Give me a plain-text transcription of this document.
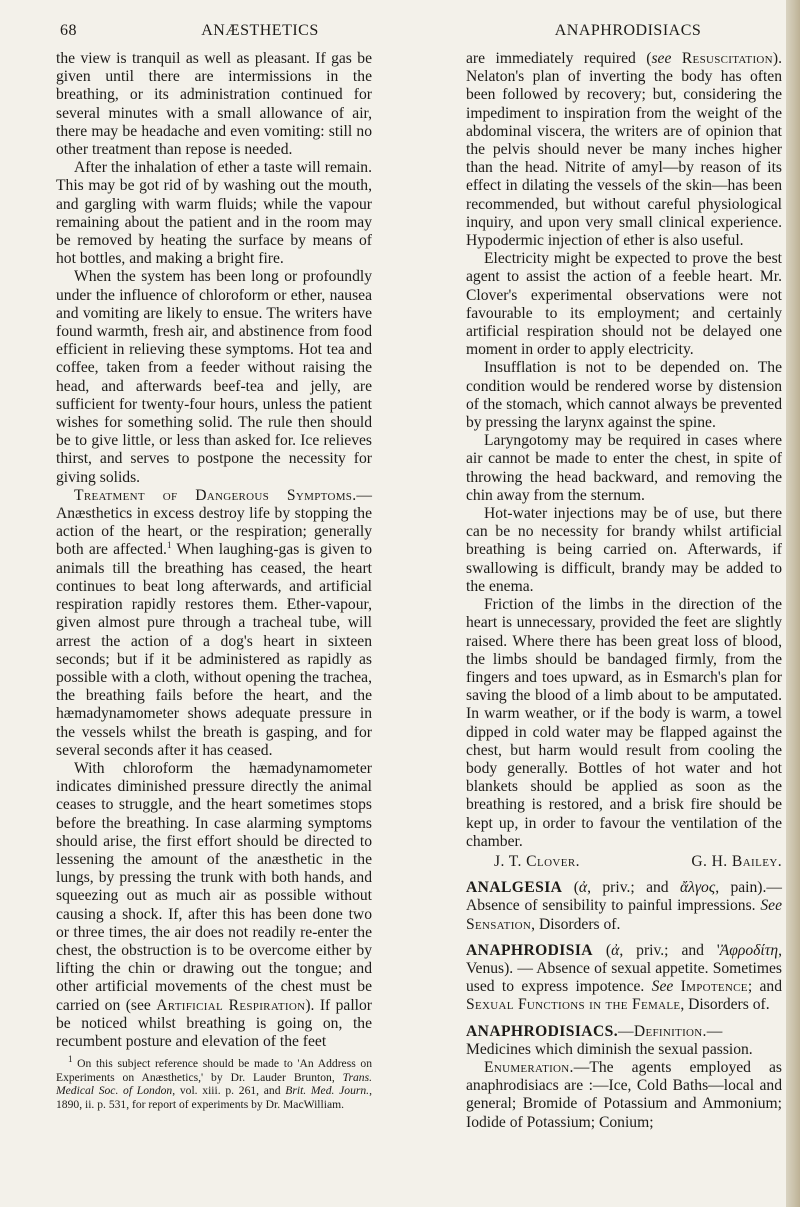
68	ANÆSTHETICS	ANAPHRODISIACS

the view is tranquil as well as pleasant. If gas be given until there are intermissions in the breathing, or its administration continued for several minutes with a small allowance of air, there may be headache and even vomiting: still no other treatment than repose is needed.

After the inhalation of ether a taste will remain. This may be got rid of by washing out the mouth, and gargling with warm fluids; while the vapour remaining about the patient and in the room may be removed by heating the surface by means of hot bottles, and making a bright fire.

When the system has been long or profoundly under the influence of chloroform or ether, nausea and vomiting are likely to ensue. The writers have found warmth, fresh air, and abstinence from food efficient in relieving these symptoms. Hot tea and coffee, taken from a feeder without raising the head, and afterwards beef-tea and jelly, are sufficient for twenty-four hours, unless the patient wishes for something solid. The rule then should be to give little, or less than asked for. Ice relieves thirst, and serves to postpone the necessity for giving solids.

Treatment of Dangerous Symptoms.— Anæsthetics in excess destroy life by stopping the action of the heart, or the respiration; generally both are affected.$^1$ When laughing-gas is given to animals till the breathing has ceased, the heart continues to beat long afterwards, and artificial respiration rapidly restores them. Ether-vapour, given almost pure through a tracheal tube, will arrest the action of a dog's heart in sixteen seconds; but if it be administered as rapidly as possible with a cloth, without opening the trachea, the breathing fails before the heart, and the hæmadynamometer shows adequate pressure in the vessels whilst the breath is gasping, and for several seconds after it has ceased.

With chloroform the hæmadynamometer indicates diminished pressure directly the animal ceases to struggle, and the heart sometimes stops before the breathing. In case alarming symptoms should arise, the first effort should be directed to lessening the amount of the anæsthetic in the lungs, by pressing the trunk with both hands, and squeezing out as much air as possible without causing a shock. If, after this has been done two or three times, the air does not readily re-enter the chest, the obstruction is to be overcome either by lifting the chin or drawing out the tongue; and other artificial movements of the chest must be carried on (see Artificial Respiration). If pallor be noticed whilst breathing is going on, the recumbent posture and elevation of the feet

$^1$ On this subject reference should be made to 'An Address on Experiments on Anæsthetics,' by Dr. Lauder Brunton, Trans. Medical Soc. of London, vol. xiii. p. 261, and Brit. Med. Journ., 1890, ii. p. 531, for report of experiments by Dr. MacWilliam.

are immediately required (see Resuscitation). Nelaton's plan of inverting the body has often been followed by recovery; but, considering the impediment to inspiration from the weight of the abdominal viscera, the writers are of opinion that the pelvis should never be many inches higher than the head. Nitrite of amyl—by reason of its effect in dilating the vessels of the skin—has been recommended, but without careful physiological inquiry, and upon very small clinical experience. Hypodermic injection of ether is also useful.

Electricity might be expected to prove the best agent to assist the action of a feeble heart. Mr. Clover's experimental observations were not favourable to its employment; and certainly artificial respiration should not be delayed one moment in order to apply electricity.

Insufflation is not to be depended on. The condition would be rendered worse by distension of the stomach, which cannot always be prevented by pressing the larynx against the spine.

Laryngotomy may be required in cases where air cannot be made to enter the chest, in spite of throwing the head backward, and removing the chin away from the sternum.

Hot-water injections may be of use, but there can be no necessity for brandy whilst artificial breathing is being carried on. Afterwards, if swallowing is difficult, brandy may be added to the enema.

Friction of the limbs in the direction of the heart is unnecessary, provided the feet are slightly raised. Where there has been great loss of blood, the limbs should be bandaged firmly, from the fingers and toes upward, as in Esmarch's plan for saving the blood of a limb about to be amputated. In warm weather, or if the body is warm, a towel dipped in cold water may be flapped against the chest, but harm would result from cooling the body generally. Bottles of hot water and hot blankets should be applied as soon as the breathing is restored, and a brisk fire should be kept up, in order to favour the ventilation of the chamber.

J. T. Clover.	G. H. Bailey.

ANALGESIA (ἀ, priv.; and ἄλγος, pain).—Absence of sensibility to painful impressions. See Sensation, Disorders of.

ANAPHRODISIA (ἀ, priv.; and 'Ἀφροδίτη, Venus). — Absence of sexual appetite. Sometimes used to express impotence. See Impotence; and Sexual Functions in the Female, Disorders of.

ANAPHRODISIACS.—Definition.— Medicines which diminish the sexual passion.

Enumeration.—The agents employed as anaphrodisiacs are :—Ice, Cold Baths—local and general; Bromide of Potassium and Ammonium; Iodide of Potassium; Conium;
